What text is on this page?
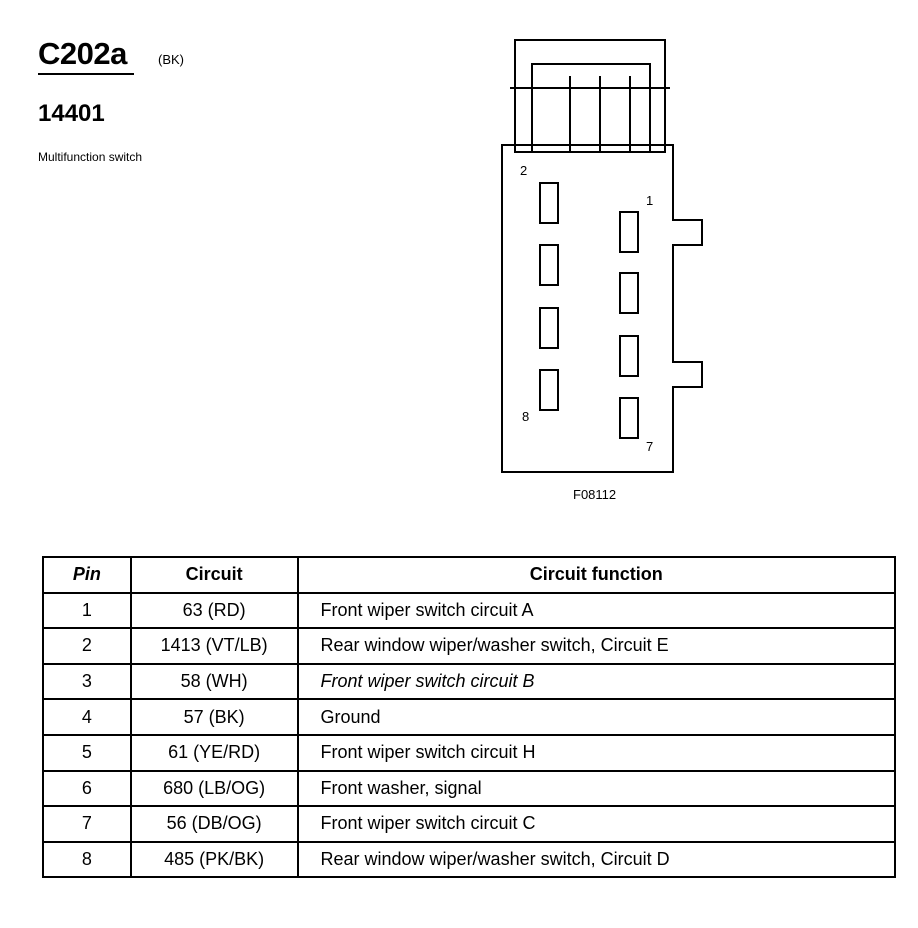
C202a (BK)
14401
Multifunction switch
2
1
8
7
F08112
Pin	Circuit	Circuit function
1	63 (RD)	Front wiper switch circuit A
2	1413 (VT/LB)	Rear window wiper/washer switch, Circuit E
3	58 (WH)	Front wiper switch circuit B
4	57 (BK)	Ground
5	61 (YE/RD)	Front wiper switch circuit H
6	680 (LB/OG)	Front washer, signal
7	56 (DB/OG)	Front wiper switch circuit C
8	485 (PK/BK)	Rear window wiper/washer switch, Circuit D
